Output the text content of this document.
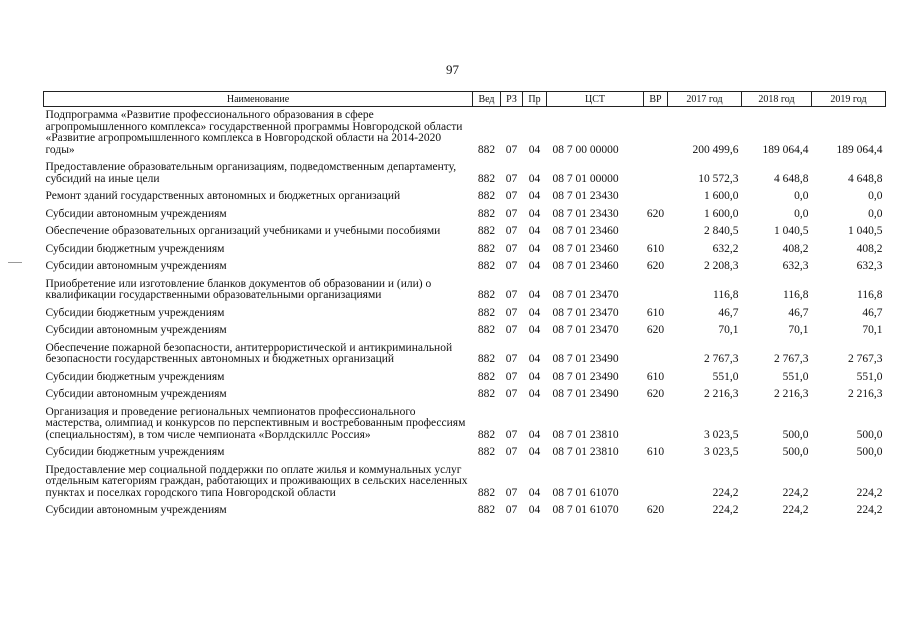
97
Наименование	Вед	РЗ	Пр	ЦСТ	ВР	2017 год	2018 год	2019 год
Подпрограмма «Развитие профессионального образования в сфере агропромышленного комплекса» государственной программы Новгородской области «Развитие агропромышленного комплекса в Новгородской области на 2014-2020 годы»	882	07	04	08 7 00 00000		200 499,6	189 064,4	189 064,4
Предоставление образовательным организациям, подведомственным департаменту, субсидий на иные цели	882	07	04	08 7 01 00000		10 572,3	4 648,8	4 648,8
Ремонт зданий государственных автономных и бюджетных организаций	882	07	04	08 7 01 23430		1 600,0	0,0	0,0
Субсидии автономным учреждениям	882	07	04	08 7 01 23430	620	1 600,0	0,0	0,0
Обеспечение образовательных организаций учебниками и учебными пособиями	882	07	04	08 7 01 23460		2 840,5	1 040,5	1 040,5
Субсидии бюджетным учреждениям	882	07	04	08 7 01 23460	610	632,2	408,2	408,2
Субсидии автономным учреждениям	882	07	04	08 7 01 23460	620	2 208,3	632,3	632,3
Приобретение или изготовление бланков документов об образовании и (или) о квалификации государственными образовательными организациями	882	07	04	08 7 01 23470		116,8	116,8	116,8
Субсидии бюджетным учреждениям	882	07	04	08 7 01 23470	610	46,7	46,7	46,7
Субсидии автономным учреждениям	882	07	04	08 7 01 23470	620	70,1	70,1	70,1
Обеспечение пожарной безопасности, антитеррористической и антикриминальной безопасности государственных автономных и бюджетных организаций	882	07	04	08 7 01 23490		2 767,3	2 767,3	2 767,3
Субсидии бюджетным учреждениям	882	07	04	08 7 01 23490	610	551,0	551,0	551,0
Субсидии автономным учреждениям	882	07	04	08 7 01 23490	620	2 216,3	2 216,3	2 216,3
Организация и проведение региональных чемпионатов профессионального мастерства, олимпиад и конкурсов по перспективным и востребованным профессиям (специальностям), в том числе чемпионата «Ворлдскиллс Россия»	882	07	04	08 7 01 23810		3 023,5	500,0	500,0
Субсидии бюджетным учреждениям	882	07	04	08 7 01 23810	610	3 023,5	500,0	500,0
Предоставление мер социальной поддержки по оплате жилья и коммунальных услуг отдельным категориям граждан, работающих и проживающих в сельских населенных пунктах и поселках городского типа Новгородской области	882	07	04	08 7 01 61070		224,2	224,2	224,2
Субсидии автономным учреждениям	882	07	04	08 7 01 61070	620	224,2	224,2	224,2
